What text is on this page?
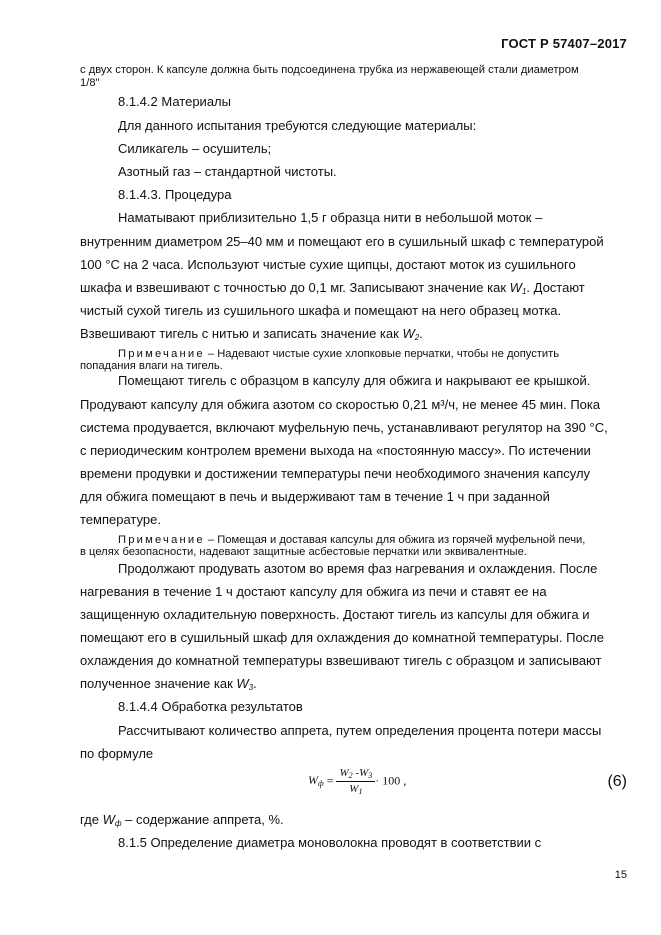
ГОСТ Р 57407–2017

с двух сторон. К капсуле должна быть подсоединена трубка из нержавеющей стали диаметром

1/8"

8.1.4.2 Материалы

Для данного испытания требуются следующие материалы:

Силикагель – осушитель;

Азотный газ – стандартной чистоты.

8.1.4.3. Процедура

Наматывают приблизительно 1,5 г образца нити в небольшой моток –

внутренним диаметром 25–40 мм и помещают его в сушильный шкаф с температурой

100 °С на 2 часа. Используют чистые сухие щипцы, достают моток из сушильного

шкафа и взвешивают с точностью до 0,1 мг. Записывают значение как $W_1$. Достают

чистый сухой тигель из сушильного шкафа и помещают на него образец мотка.

Взвешивают тигель с нитью и записать значение как $W_2$.

Примечание – Надевают чистые сухие хлопковые перчатки, чтобы не допустить

попадания влаги на тигель.

Помещают тигель с образцом в капсулу для обжига и накрывают ее крышкой.

Продувают капсулу для обжига азотом со скоростью 0,21 м³/ч, не менее 45 мин. Пока

система продувается, включают муфельную печь, устанавливают регулятор на 390 °С,

с периодическим контролем времени выхода на «постоянную массу». По истечении

времени продувки и достижении температуры печи необходимого значения капсулу

для обжига помещают в печь и выдерживают там в течение 1 ч при заданной

температуре.

Примечание – Помещая и доставая капсулы для обжига из горячей муфельной печи,

в целях безопасности, надевают защитные асбестовые перчатки или эквивалентные.

Продолжают продувать азотом во время фаз нагревания и охлаждения. После

нагревания в течение 1 ч достают капсулу для обжига из печи и ставят ее на

защищенную охладительную поверхность. Достают тигель из капсулы для обжига и

помещают его в сушильный шкаф для охлаждения до комнатной температуры. После

охлаждения до комнатной температуры взвешивают тигель с образцом и записывают

полученное значение как $W_3$.

8.1.4.4 Обработка результатов

Рассчитывают количество аппрета, путем определения процента потери массы

по формуле

$W_ф = \frac{W_2 -W_3}{W_1} \cdot 100$ ,	(6)

где $W_ф$ – содержание аппрета, %.

8.1.5 Определение диаметра моноволокна проводят в соответствии с

15
